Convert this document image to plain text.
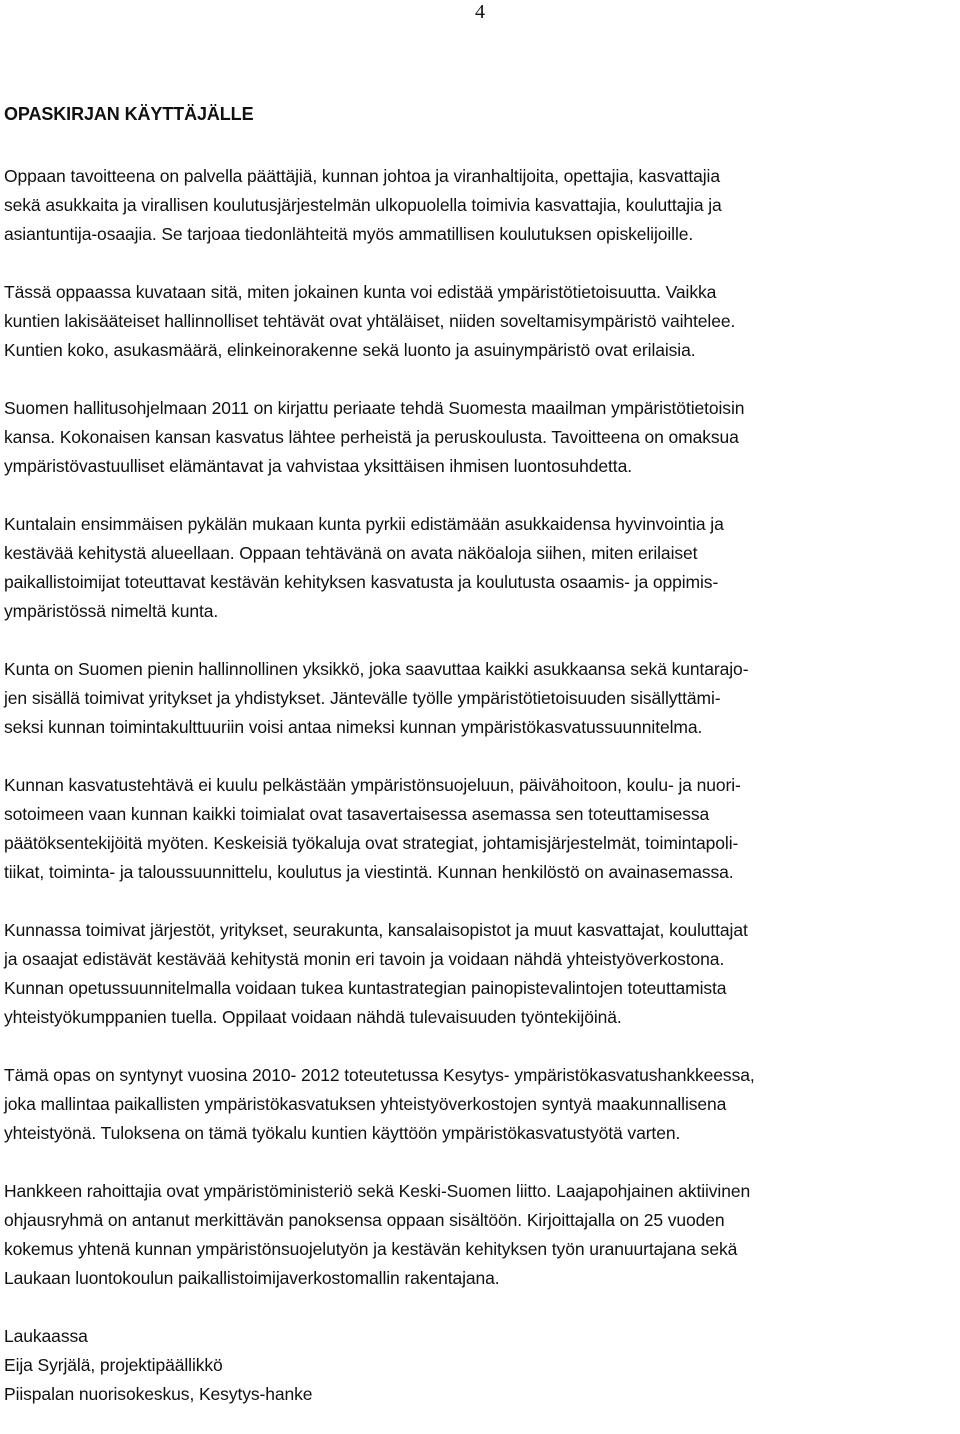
4
OPASKIRJAN KÄYTTÄJÄLLE
Oppaan tavoitteena on palvella päättäjiä, kunnan johtoa ja viranhaltijoita, opettajia, kasvattajia
sekä asukkaita ja virallisen koulutusjärjestelmän ulkopuolella toimivia kasvattajia, kouluttajia ja
asiantuntija-osaajia. Se tarjoaa tiedonlähteitä myös ammatillisen koulutuksen opiskelijoille.
Tässä oppaassa kuvataan sitä, miten jokainen kunta voi edistää ympäristötietoisuutta. Vaikka
kuntien lakisääteiset hallinnolliset tehtävät ovat yhtäläiset, niiden soveltamisympäristö vaihtelee.
Kuntien koko, asukasmäärä, elinkeinorakenne sekä luonto ja asuinympäristö ovat erilaisia.
Suomen hallitusohjelmaan 2011 on kirjattu periaate tehdä Suomesta maailman ympäristötietoisin
kansa. Kokonaisen kansan kasvatus lähtee perheistä ja peruskoulusta. Tavoitteena on omaksua
ympäristövastuulliset elämäntavat ja vahvistaa yksittäisen ihmisen luontosuhdetta.
Kuntalain ensimmäisen pykälän mukaan kunta pyrkii edistämään asukkaidensa hyvinvointia ja
kestävää kehitystä alueellaan. Oppaan tehtävänä on avata näköaloja siihen, miten erilaiset
paikallistoimijat toteuttavat kestävän kehityksen kasvatusta ja koulutusta osaamis- ja oppimis-
ympäristössä nimeltä kunta.
Kunta on Suomen pienin hallinnollinen yksikkö, joka saavuttaa kaikki asukkaansa sekä kuntarajo-
jen sisällä toimivat yritykset ja yhdistykset. Jäntevälle työlle ympäristötietoisuuden sisällyttämi-
seksi kunnan toimintakulttuuriin voisi antaa nimeksi kunnan ympäristökasvatussuunnitelma.
Kunnan kasvatustehtävä ei kuulu pelkästään ympäristönsuojeluun, päivähoitoon, koulu- ja nuori-
sotoimeen vaan kunnan kaikki toimialat ovat tasavertaisessa asemassa sen toteuttamisessa
päätöksentekijöitä myöten. Keskeisiä työkaluja ovat strategiat, johtamisjärjestelmät, toimintapoli-
tiikat, toiminta- ja taloussuunnittelu, koulutus ja viestintä. Kunnan henkilöstö on avainasemassa.
Kunnassa toimivat järjestöt, yritykset, seurakunta, kansalaisopistot ja muut kasvattajat, kouluttajat
ja osaajat edistävät kestävää kehitystä monin eri tavoin ja voidaan nähdä yhteistyöverkostona.
Kunnan opetussuunnitelmalla voidaan tukea kuntastrategian painopistevalintojen toteuttamista
yhteistyökumppanien tuella. Oppilaat voidaan nähdä tulevaisuuden työntekijöinä.
Tämä opas on syntynyt vuosina 2010- 2012 toteutetussa Kesytys- ympäristökasvatushankkeessa,
joka mallintaa paikallisten ympäristökasvatuksen yhteistyöverkostojen syntyä maakunnallisena
yhteistyönä. Tuloksena on tämä työkalu kuntien käyttöön ympäristökasvatustyötä varten.
Hankkeen rahoittajia ovat ympäristöministeriö sekä Keski-Suomen liitto. Laajapohjainen aktiivinen
ohjausryhmä on antanut merkittävän panoksensa oppaan sisältöön. Kirjoittajalla on 25 vuoden
kokemus yhtenä kunnan ympäristönsuojelutyön ja kestävän kehityksen työn uranuurtajana sekä
Laukaan luontokoulun paikallistoimijaverkostomallin rakentajana.
Laukaassa
Eija Syrjälä, projektipäällikkö
Piispalan nuorisokeskus, Kesytys-hanke
